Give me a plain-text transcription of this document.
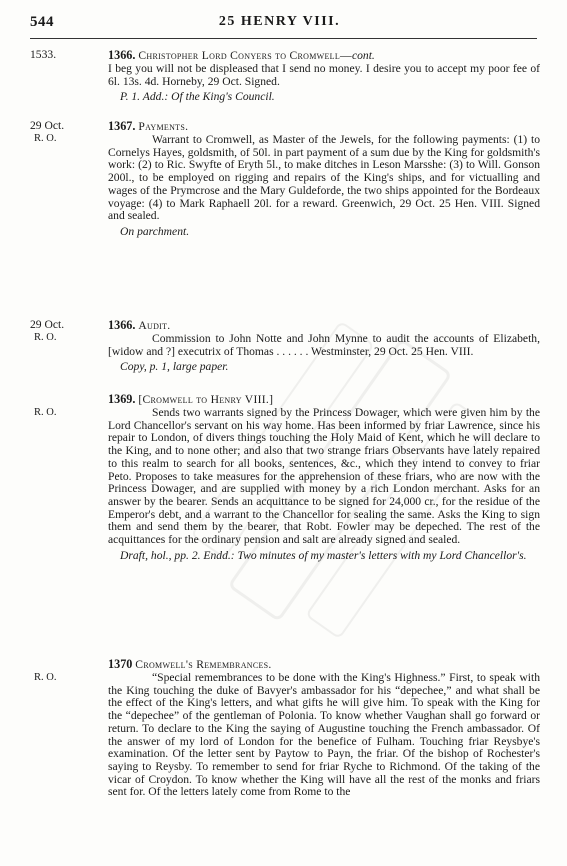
544	25 HENRY VIII.
1533.	1366. Christopher Lord Conyers to Cromwell—cont.

I beg you will not be displeased that I send no money. I desire you to accept my poor fee of 6l. 13s. 4d. Horneby, 29 Oct. Signed.

P. 1. Add.: Of the King's Council.
29 Oct.
R. O.
1367. Payments.

Warrant to Cromwell, as Master of the Jewels, for the following payments: (1) to Cornelys Hayes, goldsmith, of 50l. in part payment of a sum due by the King for goldsmith's work: (2) to Ric. Swyfte of Eryth 5l., to make ditches in Leson Marsshe: (3) to Will. Gonson 200l., to be employed on rigging and repairs of the King's ships, and for victualling and wages of the Prymcrose and the Mary Guldeforde, the two ships appointed for the Bordeaux voyage: (4) to Mark Raphaell 20l. for a reward. Greenwich, 29 Oct. 25 Hen. VIII. Signed and sealed.

On parchment.
29 Oct.
R. O.
1366. Audit.

Commission to John Notte and John Mynne to audit the accounts of Elizabeth, [widow and ?] executrix of Thomas . . . . . . Westminster, 29 Oct. 25 Hen. VIII.

Copy, p. 1, large paper.
R. O.
1369. [Cromwell to Henry VIII.]

Sends two warrants signed by the Princess Dowager, which were given him by the Lord Chancellor's servant on his way home. Has been informed by friar Lawrence, since his repair to London, of divers things touching the Holy Maid of Kent, which he will declare to the King, and to none other; and also that two strange friars Observants have lately repaired to this realm to search for all books, sentences, &c., which they intend to convey to friar Peto. Proposes to take measures for the apprehension of these friars, who are now with the Princess Dowager, and are supplied with money by a rich London merchant. Asks for an answer by the bearer. Sends an acquittance to be signed for 24,000 cr., for the residue of the Emperor's debt, and a warrant to the Chancellor for sealing the same. Asks the King to sign them and send them by the bearer, that Robt. Fowler may be depeched. The rest of the acquittances for the ordinary pension and salt are already signed and sealed.

Draft, hol., pp. 2. Endd.: Two minutes of my master's letters with my Lord Chancellor's.
R. O.
1370 Cromwell's Remembrances.

“Special remembrances to be done with the King's Highness.” First, to speak with the King touching the duke of Bavyer's ambassador for his “depechee,” and what shall be the effect of the King's letters, and what gifts he will give him. To speak with the King for the “depechee” of the gentleman of Polonia. To know whether Vaughan shall go forward or return. To declare to the King the saying of Augustine touching the French ambassador. Of the answer of my lord of London for the benefice of Fulham. Touching friar Reysbye's examination. Of the letter sent by Paytow to Payn, the friar. Of the bishop of Rochester's saying to Reysby. To remember to send for friar Ryche to Richmond. Of the taking of the vicar of Croydon. To know whether the King will have all the rest of the monks and friars sent for. Of the letters lately come from Rome to the
